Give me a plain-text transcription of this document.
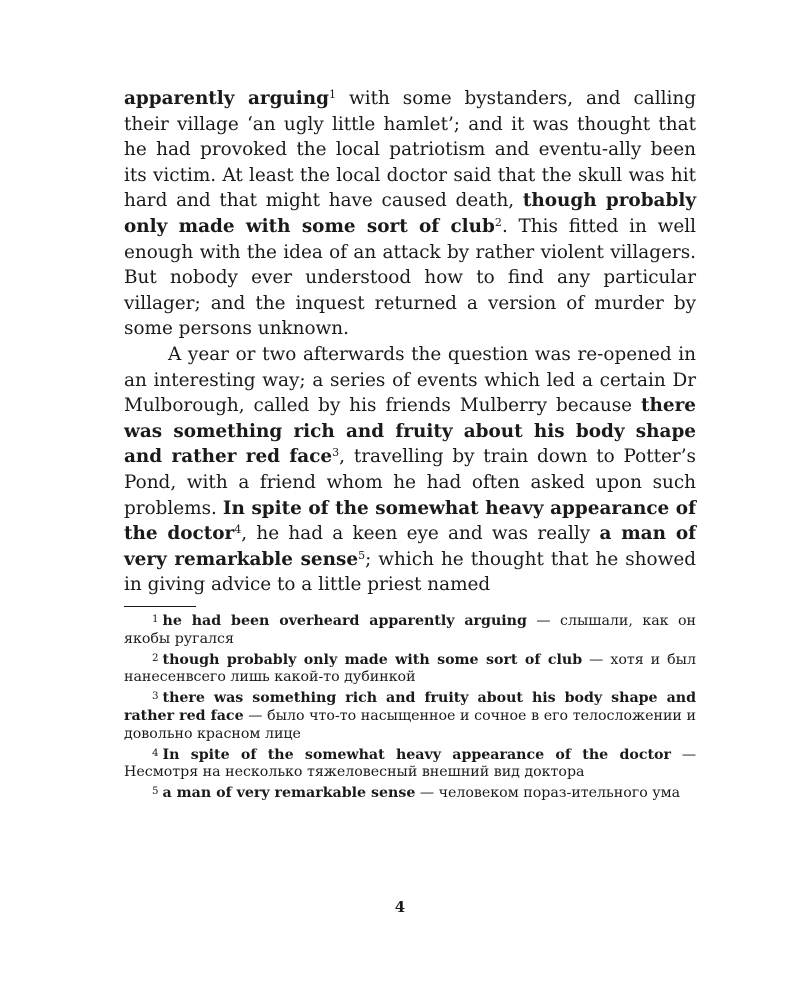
apparently arguing$^1$ with some bystanders, and calling their village ‘an ugly little hamlet’; and it was thought that he had provoked the local patriotism and eventu-ally been its victim. At least the local doctor said that the skull was hit hard and that might have caused death, though probably only made with some sort of club$^2$. This fitted in well enough with the idea of an attack by rather violent villagers. But nobody ever understood how to find any particular villager; and the inquest returned a version of murder by some persons unknown.

A year or two afterwards the question was re-opened in an interesting way; a series of events which led a certain Dr Mulborough, called by his friends Mulberry because there was something rich and fruity about his body shape and rather red face$^3$, travelling by train down to Potter’s Pond, with a friend whom he had often asked upon such problems. In spite of the somewhat heavy appearance of the doctor$^4$, he had a keen eye and was really a man of very remarkable sense$^5$; which he thought that he showed in giving advice to a little priest named

$^1$ he had been overheard apparently arguing — слышали, как он якобы ругался

$^2$ though probably only made with some sort of club — хотя и был нанесенвсего лишь какой-то дубинкой

$^3$ there was something rich and fruity about his body shape and rather red face — было что-то насыщенное и сочное в его телосложении и довольно красном лице

$^4$ In spite of the somewhat heavy appearance of the doctor — Несмотря на несколько тяжеловесный внешний вид доктора

$^5$ a man of very remarkable sense — человеком пораз-ительного ума

4
